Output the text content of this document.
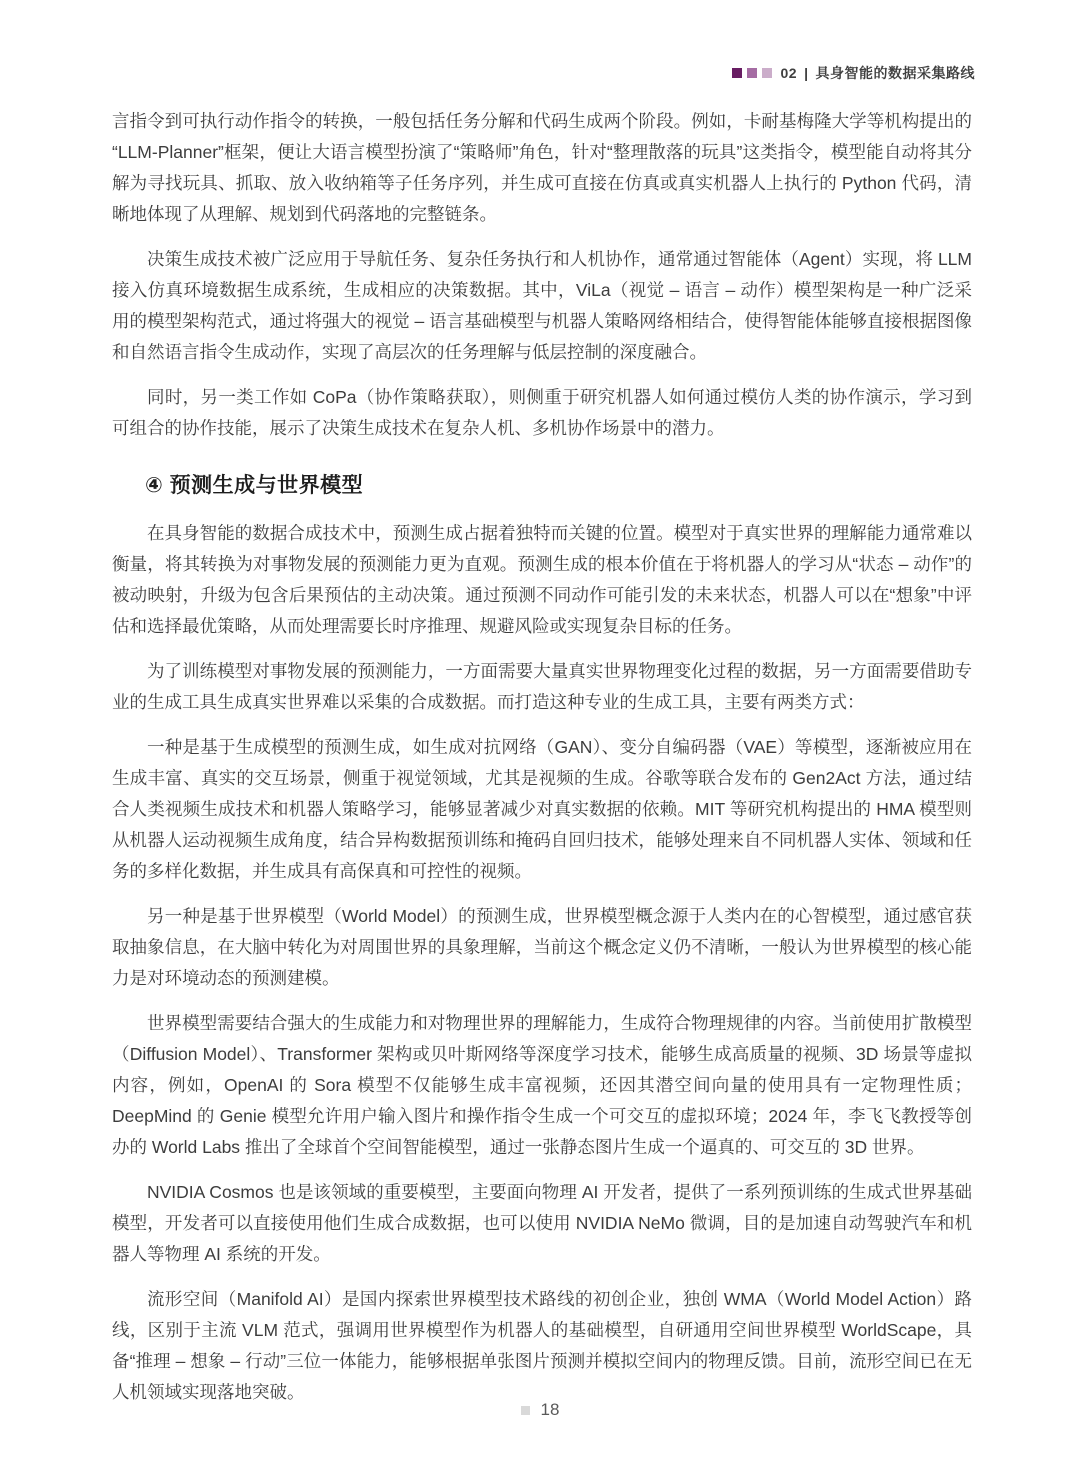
02 | 具身智能的数据采集路线

言指令到可执行动作指令的转换，一般包括任务分解和代码生成两个阶段。例如，卡耐基梅隆大学等机构提出的“LLM-Planner”框架，便让大语言模型扮演了“策略师”角色，针对“整理散落的玩具”这类指令，模型能自动将其分解为寻找玩具、抓取、放入收纳箱等子任务序列，并生成可直接在仿真或真实机器人上执行的 Python 代码，清晰地体现了从理解、规划到代码落地的完整链条。

决策生成技术被广泛应用于导航任务、复杂任务执行和人机协作，通常通过智能体（Agent）实现，将 LLM 接入仿真环境数据生成系统，生成相应的决策数据。其中，ViLa（视觉 – 语言 – 动作）模型架构是一种广泛采用的模型架构范式，通过将强大的视觉 – 语言基础模型与机器人策略网络相结合，使得智能体能够直接根据图像和自然语言指令生成动作，实现了高层次的任务理解与低层控制的深度融合。

同时，另一类工作如 CoPa（协作策略获取），则侧重于研究机器人如何通过模仿人类的协作演示，学习到可组合的协作技能，展示了决策生成技术在复杂人机、多机协作场景中的潜力。

④ 预测生成与世界模型

在具身智能的数据合成技术中，预测生成占据着独特而关键的位置。模型对于真实世界的理解能力通常难以衡量，将其转换为对事物发展的预测能力更为直观。预测生成的根本价值在于将机器人的学习从“状态 – 动作”的被动映射，升级为包含后果预估的主动决策。通过预测不同动作可能引发的未来状态，机器人可以在“想象”中评估和选择最优策略，从而处理需要长时序推理、规避风险或实现复杂目标的任务。

为了训练模型对事物发展的预测能力，一方面需要大量真实世界物理变化过程的数据，另一方面需要借助专业的生成工具生成真实世界难以采集的合成数据。而打造这种专业的生成工具，主要有两类方式：

一种是基于生成模型的预测生成，如生成对抗网络（GAN）、变分自编码器（VAE）等模型，逐渐被应用在生成丰富、真实的交互场景，侧重于视觉领域，尤其是视频的生成。谷歌等联合发布的 Gen2Act 方法，通过结合人类视频生成技术和机器人策略学习，能够显著减少对真实数据的依赖。MIT 等研究机构提出的 HMA 模型则从机器人运动视频生成角度，结合异构数据预训练和掩码自回归技术，能够处理来自不同机器人实体、领域和任务的多样化数据，并生成具有高保真和可控性的视频。

另一种是基于世界模型（World Model）的预测生成，世界模型概念源于人类内在的心智模型，通过感官获取抽象信息，在大脑中转化为对周围世界的具象理解，当前这个概念定义仍不清晰，一般认为世界模型的核心能力是对环境动态的预测建模。

世界模型需要结合强大的生成能力和对物理世界的理解能力，生成符合物理规律的内容。当前使用扩散模型（Diffusion Model）、Transformer 架构或贝叶斯网络等深度学习技术，能够生成高质量的视频、3D 场景等虚拟内容，例如，OpenAI 的 Sora 模型不仅能够生成丰富视频，还因其潜空间向量的使用具有一定物理性质；DeepMind 的 Genie 模型允许用户输入图片和操作指令生成一个可交互的虚拟环境；2024 年，李飞飞教授等创办的 World Labs 推出了全球首个空间智能模型，通过一张静态图片生成一个逼真的、可交互的 3D 世界。

NVIDIA Cosmos 也是该领域的重要模型，主要面向物理 AI 开发者，提供了一系列预训练的生成式世界基础模型，开发者可以直接使用他们生成合成数据，也可以使用 NVIDIA NeMo 微调，目的是加速自动驾驶汽车和机器人等物理 AI 系统的开发。

流形空间（Manifold AI）是国内探索世界模型技术路线的初创企业，独创 WMA（World Model Action）路线，区别于主流 VLM 范式，强调用世界模型作为机器人的基础模型，自研通用空间世界模型 WorldScape，具备“推理 – 想象 – 行动”三位一体能力，能够根据单张图片预测并模拟空间内的物理反馈。目前，流形空间已在无人机领域实现落地突破。

18
